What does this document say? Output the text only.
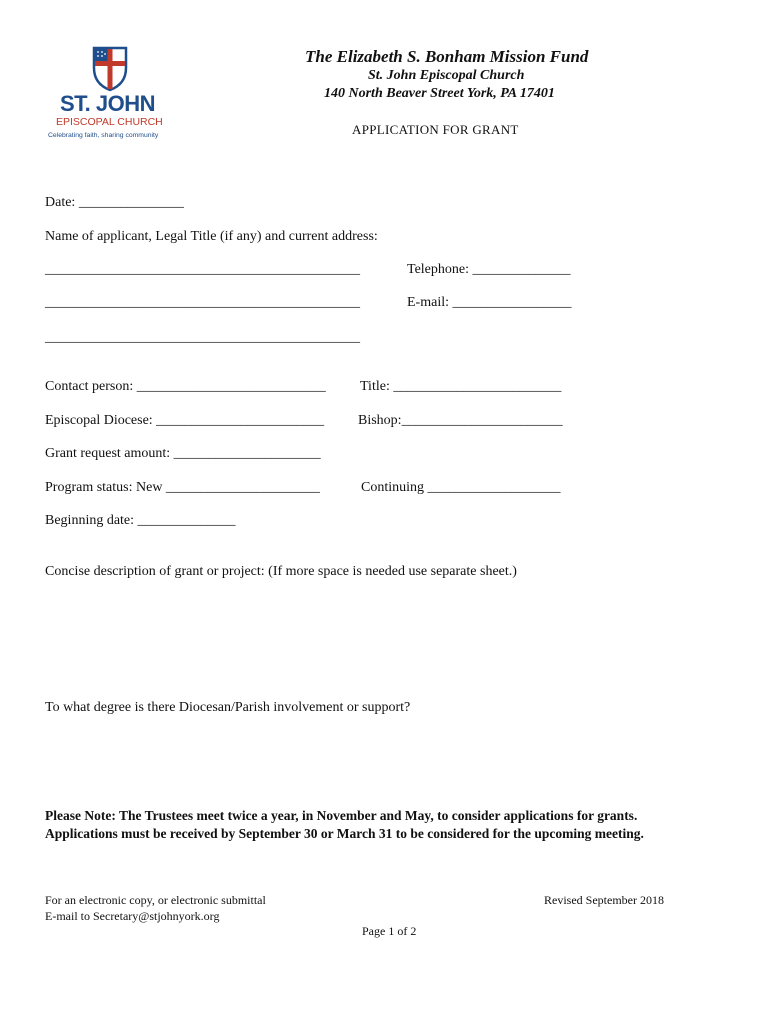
ST. JOHN
EPISCOPAL CHURCH
Celebrating faith, sharing community
The Elizabeth S. Bonham Mission Fund
St. John Episcopal Church
140 North Beaver Street York, PA 17401
APPLICATION FOR GRANT
Date: _______________
Name of applicant, Legal Title (if any) and current address:
_____________________________________________	Telephone: ______________
_____________________________________________	E-mail: _________________
_____________________________________________
Contact person: ___________________________ Title: ________________________
Episcopal Diocese: ________________________ Bishop:_______________________
Grant request amount: _____________________
Program status: New ______________________	Continuing ___________________
Beginning date: ______________
Concise description of grant or project: (If more space is needed use separate sheet.)
To what degree is there Diocesan/Parish involvement or support?
Please Note: The Trustees meet twice a year, in November and May, to consider applications for grants.
Applications must be received by September 30 or March 31 to be considered for the upcoming meeting.
For an electronic copy, or electronic submittal
E-mail to Secretary@stjohnyork.org
Revised September 2018
Page 1 of 2
